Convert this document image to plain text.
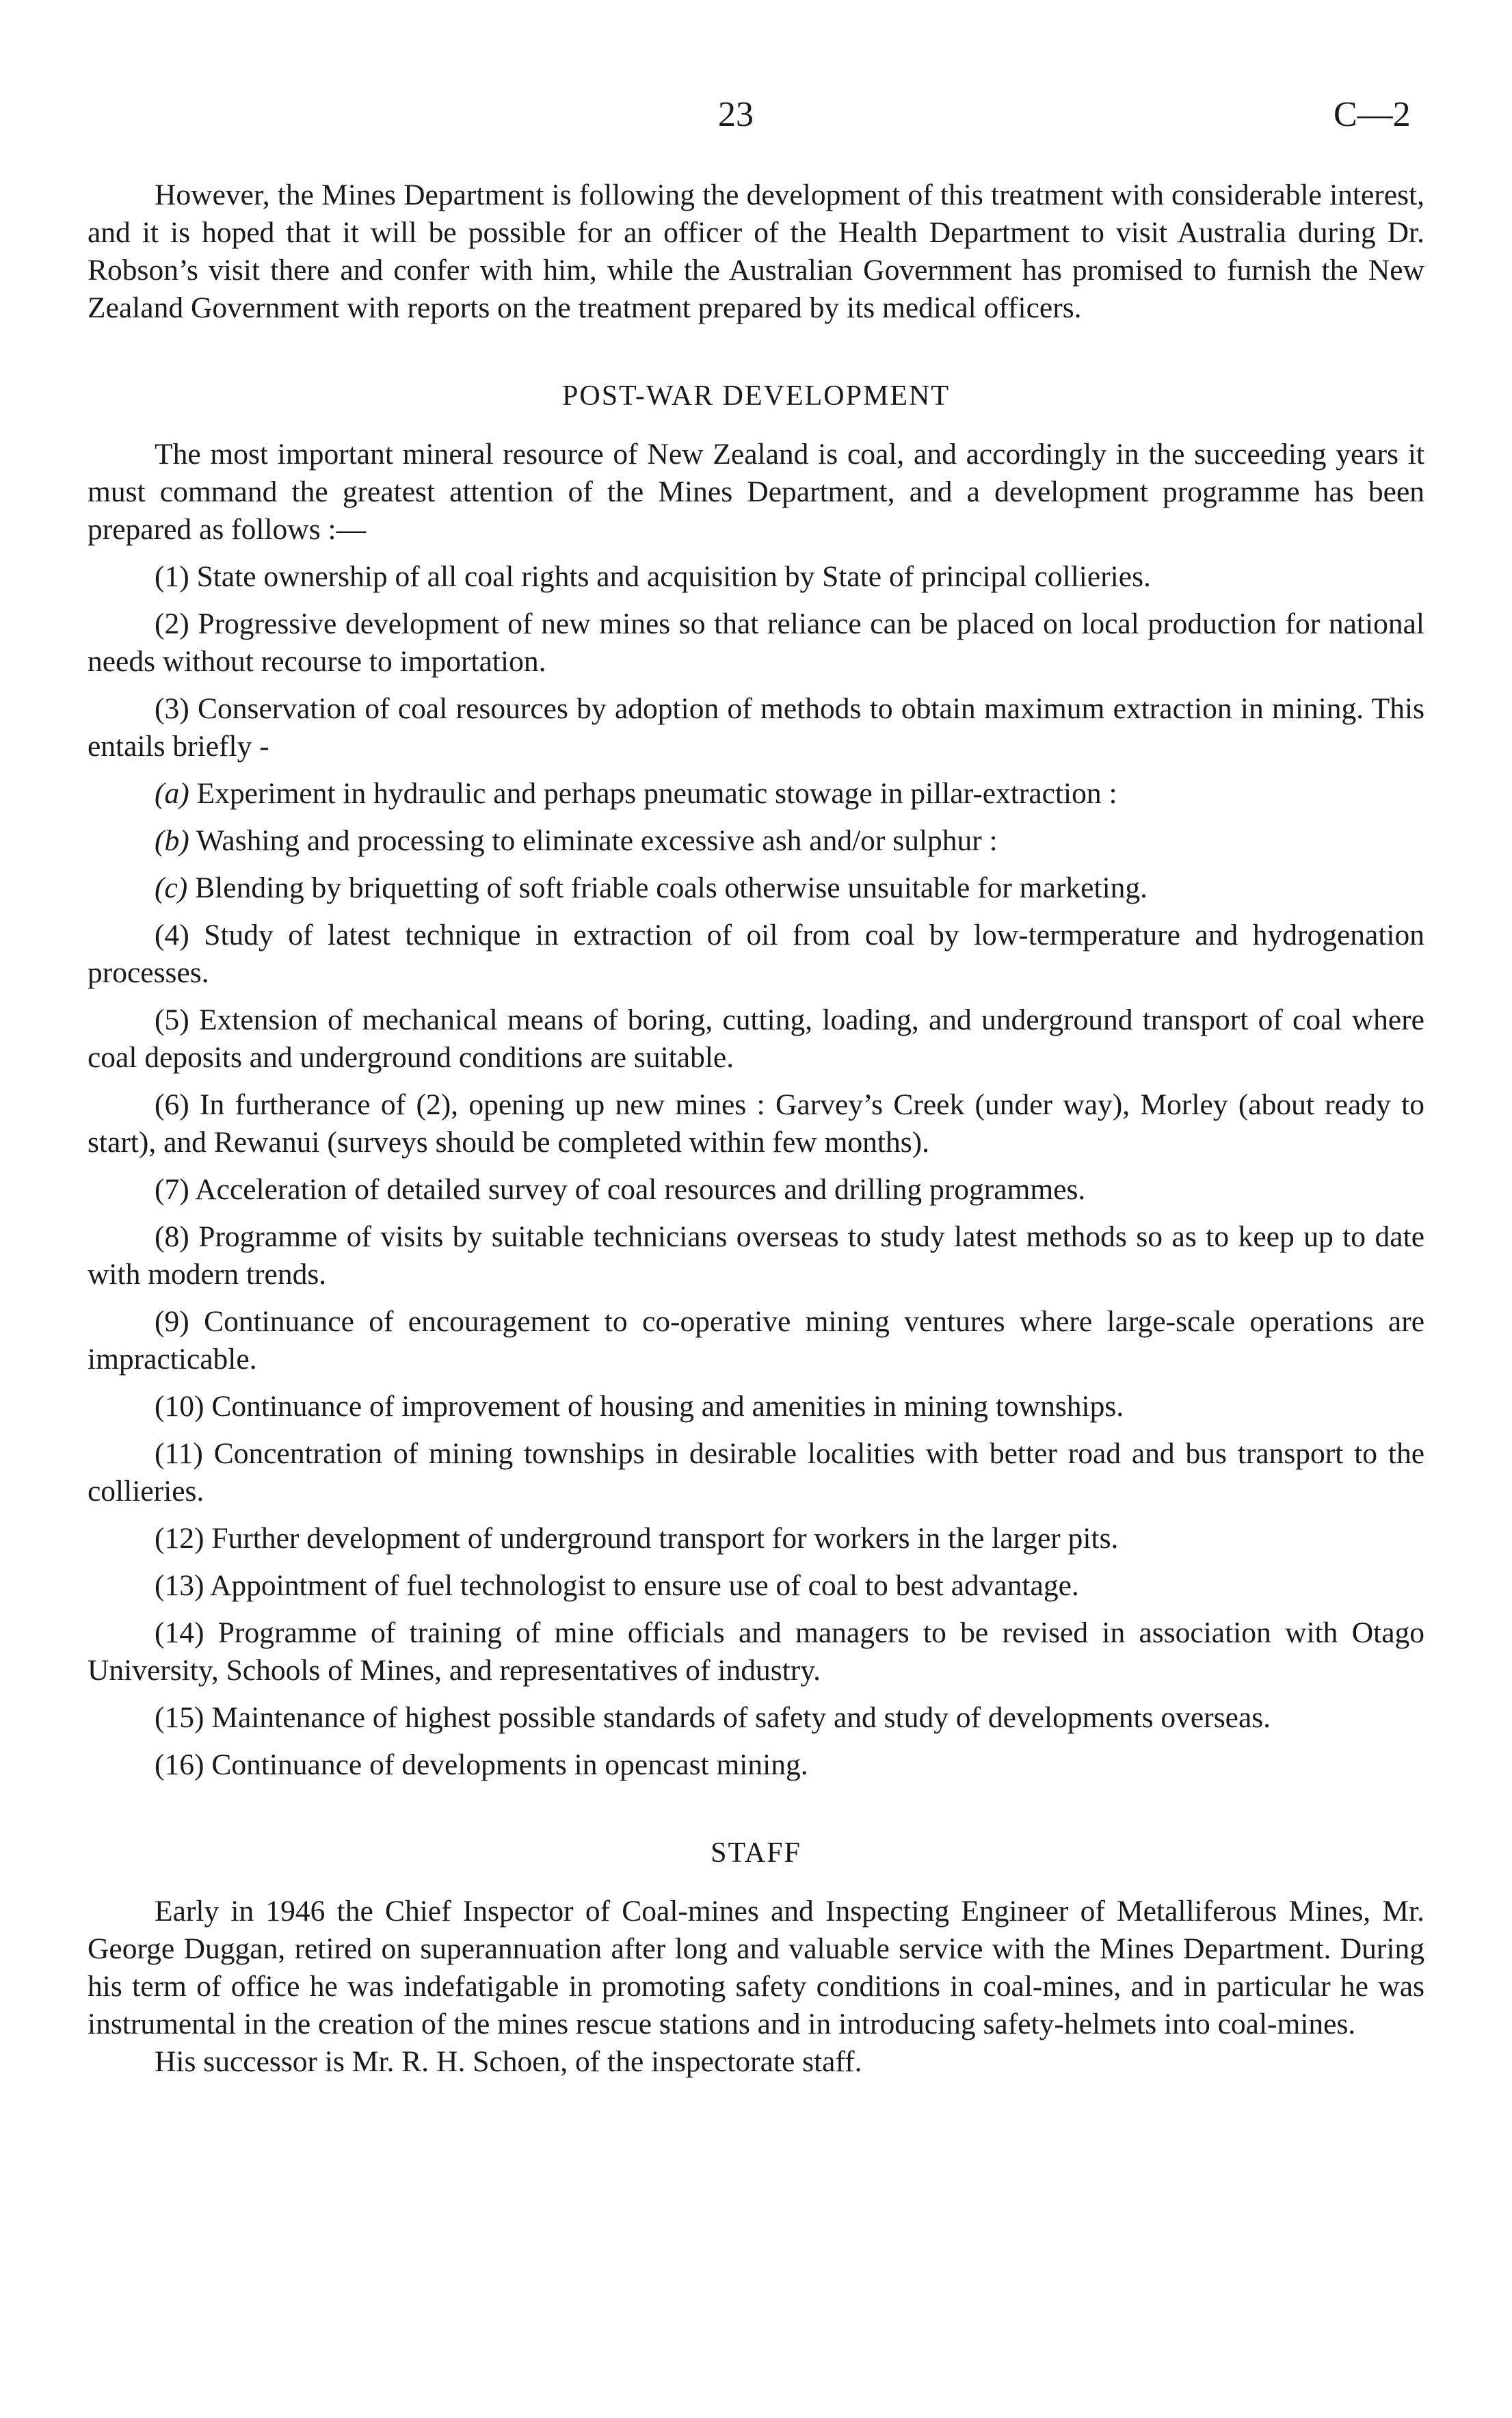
23	C—2

However, the Mines Department is following the development of this treatment with considerable interest, and it is hoped that it will be possible for an officer of the Health Department to visit Australia during Dr. Robson’s visit there and confer with him, while the Australian Government has promised to furnish the New Zealand Government with reports on the treatment prepared by its medical officers.

POST-WAR DEVELOPMENT

The most important mineral resource of New Zealand is coal, and accordingly in the succeeding years it must command the greatest attention of the Mines Department, and a development programme has been prepared as follows :—

(1) State ownership of all coal rights and acquisition by State of principal collieries.

(2) Progressive development of new mines so that reliance can be placed on local production for national needs without recourse to importation.

(3) Conservation of coal resources by adoption of methods to obtain maximum extraction in mining. This entails briefly -

(a) Experiment in hydraulic and perhaps pneumatic stowage in pillar-extraction :

(b) Washing and processing to eliminate excessive ash and/or sulphur :

(c) Blending by briquetting of soft friable coals otherwise unsuitable for marketing.

(4) Study of latest technique in extraction of oil from coal by low-termperature and hydrogenation processes.

(5) Extension of mechanical means of boring, cutting, loading, and underground transport of coal where coal deposits and underground conditions are suitable.

(6) In furtherance of (2), opening up new mines : Garvey’s Creek (under way), Morley (about ready to start), and Rewanui (surveys should be completed within few months).

(7) Acceleration of detailed survey of coal resources and drilling programmes.

(8) Programme of visits by suitable technicians overseas to study latest methods so as to keep up to date with modern trends.

(9) Continuance of encouragement to co-operative mining ventures where large-scale operations are impracticable.

(10) Continuance of improvement of housing and amenities in mining townships.

(11) Concentration of mining townships in desirable localities with better road and bus transport to the collieries.

(12) Further development of underground transport for workers in the larger pits.

(13) Appointment of fuel technologist to ensure use of coal to best advantage.

(14) Programme of training of mine officials and managers to be revised in association with Otago University, Schools of Mines, and representatives of industry.

(15) Maintenance of highest possible standards of safety and study of developments overseas.

(16) Continuance of developments in opencast mining.

STAFF

Early in 1946 the Chief Inspector of Coal-mines and Inspecting Engineer of Metalliferous Mines, Mr. George Duggan, retired on superannuation after long and valuable service with the Mines Department. During his term of office he was indefatigable in promoting safety conditions in coal-mines, and in particular he was instrumental in the creation of the mines rescue stations and in introducing safety-helmets into coal-mines.

His successor is Mr. R. H. Schoen, of the inspectorate staff.
